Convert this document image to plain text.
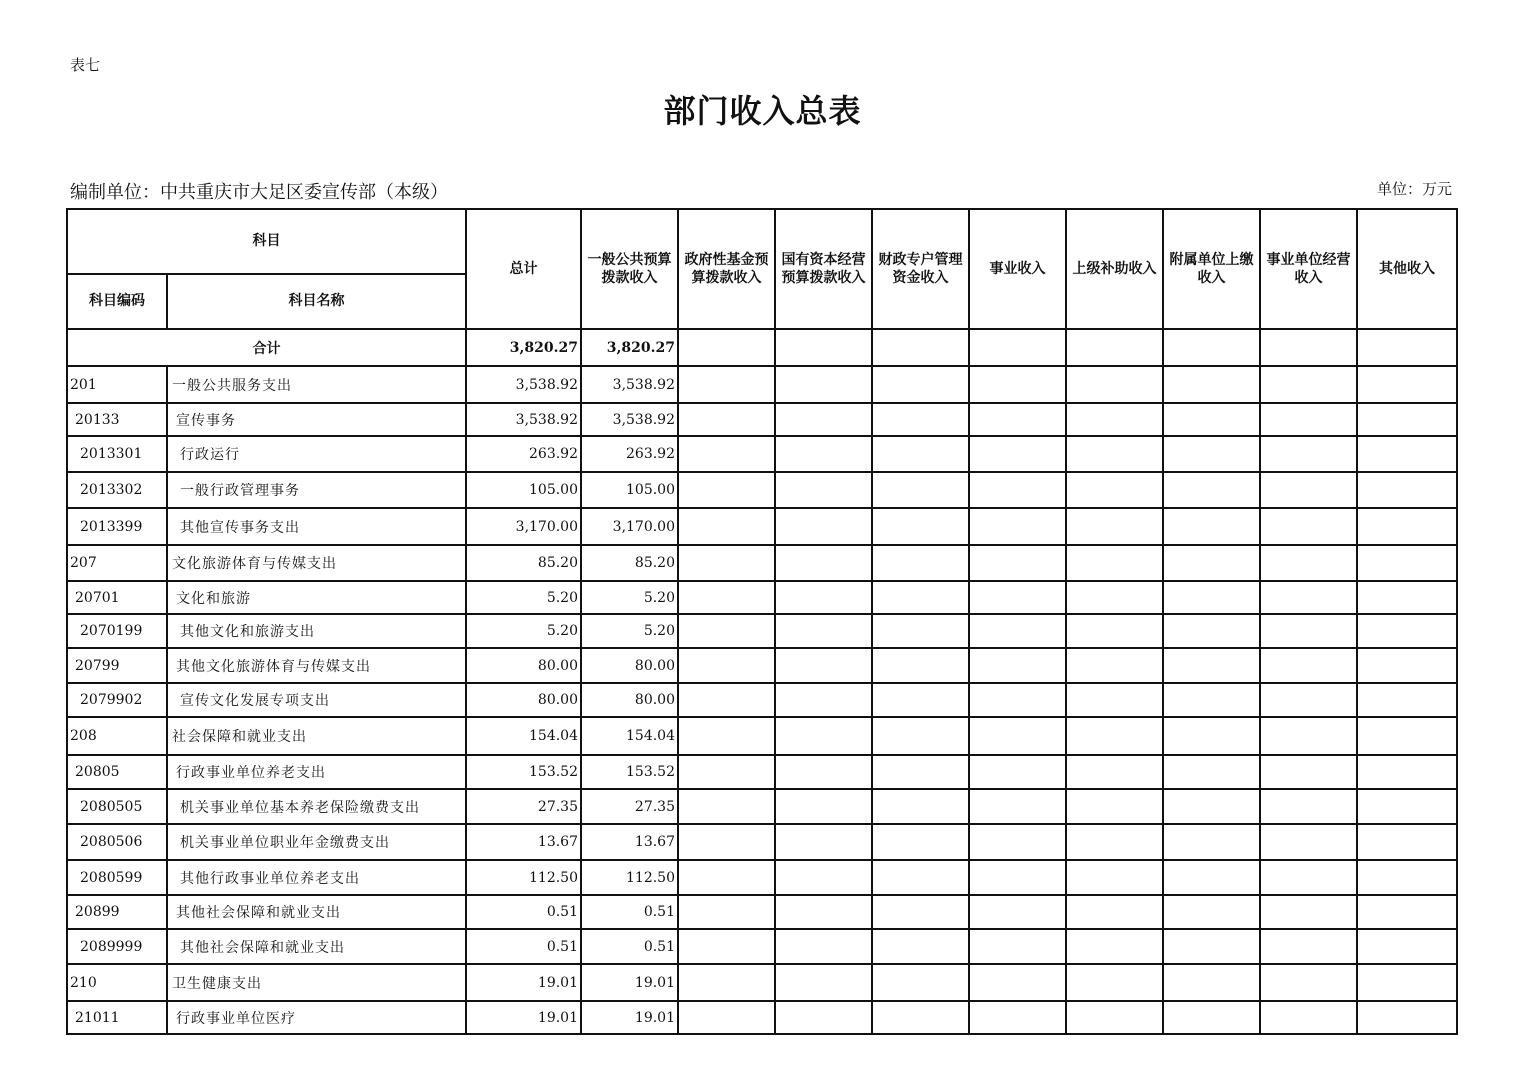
表七
部门收入总表
编制单位：中共重庆市大足区委宣传部（本级）	单位：万元
科目		总计	一般公共预算拨款收入	政府性基金预算拨款收入	国有资本经营预算拨款收入	财政专户管理资金收入	事业收入	上级补助收入	附属单位上缴收入	事业单位经营收入	其他收入
科目编码	科目名称										
合计		3,820.27	3,820.27								
201	一般公共服务支出	3,538.92	3,538.92								
20133	宣传事务	3,538.92	3,538.92								
2013301	行政运行	263.92	263.92								
2013302	一般行政管理事务	105.00	105.00								
2013399	其他宣传事务支出	3,170.00	3,170.00								
207	文化旅游体育与传媒支出	85.20	85.20								
20701	文化和旅游	5.20	5.20								
2070199	其他文化和旅游支出	5.20	5.20								
20799	其他文化旅游体育与传媒支出	80.00	80.00								
2079902	宣传文化发展专项支出	80.00	80.00								
208	社会保障和就业支出	154.04	154.04								
20805	行政事业单位养老支出	153.52	153.52								
2080505	机关事业单位基本养老保险缴费支出	27.35	27.35								
2080506	机关事业单位职业年金缴费支出	13.67	13.67								
2080599	其他行政事业单位养老支出	112.50	112.50								
20899	其他社会保障和就业支出	0.51	0.51								
2089999	其他社会保障和就业支出	0.51	0.51								
210	卫生健康支出	19.01	19.01								
21011	行政事业单位医疗	19.01	19.01								
